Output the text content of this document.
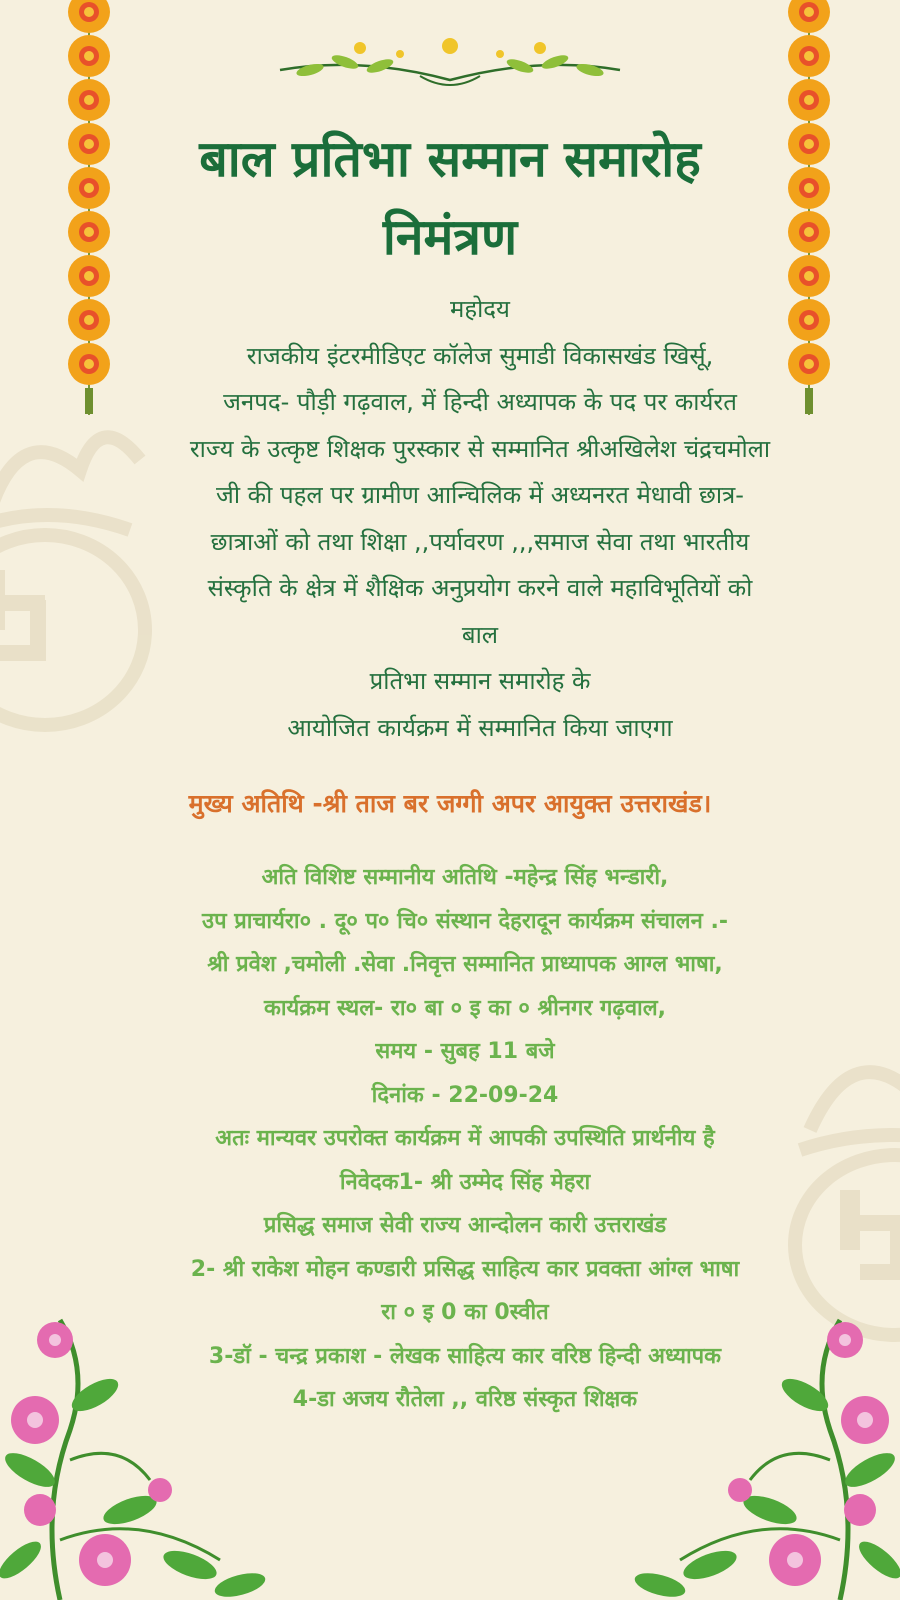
बाल प्रतिभा सम्मान समारोह
निमंत्रण
महोदय
राजकीय इंटरमीडिएट कॉलेज सुमाडी विकासखंड खिर्सू,
जनपद- पौड़ी गढ़वाल, में हिन्दी अध्यापक के पद पर कार्यरत
राज्य के उत्कृष्ट शिक्षक पुरस्कार से सम्मानित श्रीअखिलेश चंद्रचमोला
जी की पहल पर ग्रामीण आन्चिलिक में अध्यनरत मेधावी छात्र-
छात्राओं को तथा शिक्षा ,,पर्यावरण ,,,समाज सेवा तथा भारतीय
संस्कृति के क्षेत्र में शैक्षिक अनुप्रयोग करने वाले महाविभूतियों को
बाल
प्रतिभा सम्मान समारोह के
आयोजित कार्यक्रम में सम्मानित किया जाएगा
मुख्य अतिथि -श्री ताज बर जग्गी अपर आयुक्त उत्तराखंड।
अति विशिष्ट सम्मानीय अतिथि -महेन्द्र सिंह भन्डारी,
उप प्राचार्यरा० . दू० प० चि० संस्थान देहरादून कार्यक्रम संचालन .-
श्री प्रवेश ,चमोली .सेवा .निवृत्त सम्मानित प्राध्यापक आग्ल भाषा,
कार्यक्रम स्थल- रा० बा ० इ का ० श्रीनगर गढ़वाल,
समय - सुबह 11 बजे
दिनांक - 22-09-24
अतः मान्यवर उपरोक्त कार्यक्रम में आपकी उपस्थिति प्रार्थनीय है
निवेदक1- श्री उम्मेद सिंह मेहरा
प्रसिद्ध समाज सेवी राज्य आन्दोलन कारी उत्तराखंड
2- श्री राकेश मोहन कण्डारी प्रसिद्ध साहित्य कार प्रवक्ता आंग्ल भाषा
रा ० इ 0 का 0स्वीत
3-डॉ - चन्द्र प्रकाश - लेखक साहित्य कार वरिष्ठ हिन्दी अध्यापक
4-डा अजय रौतेला ,, वरिष्ठ संस्कृत शिक्षक
